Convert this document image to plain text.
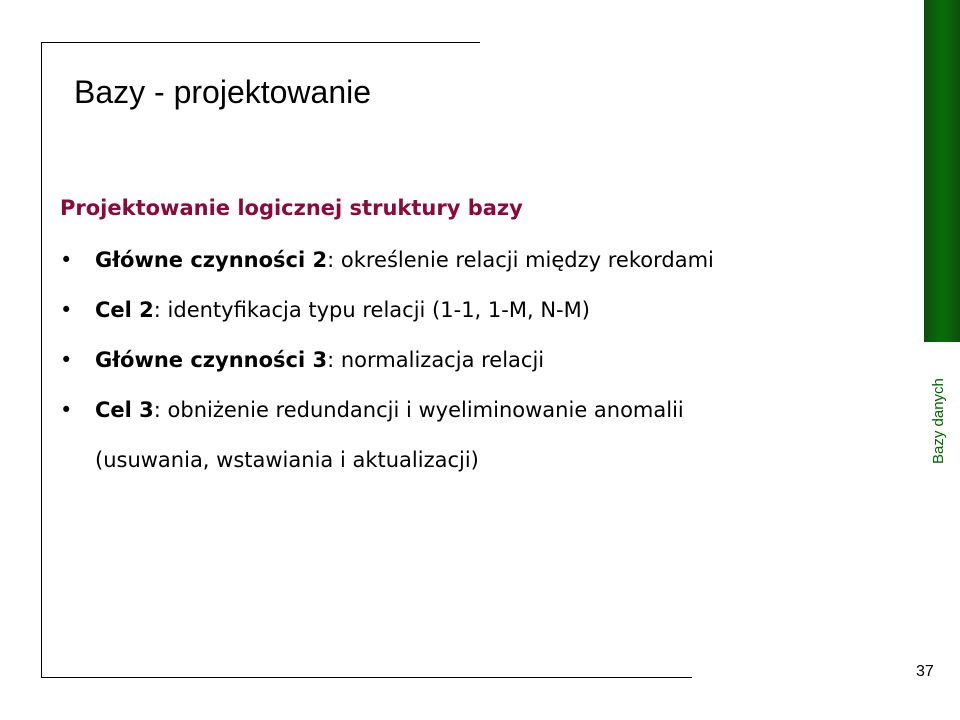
Bazy - projektowanie
Projektowanie logicznej struktury bazy
• Główne czynności 2: określenie relacji między rekordami
• Cel 2: identyfikacja typu relacji (1-1, 1-M, N-M)
• Główne czynności 3: normalizacja relacji
• Cel 3: obniżenie redundancji i wyeliminowanie anomalii
(usuwania, wstawiania i aktualizacji)	Bazy danych
37
